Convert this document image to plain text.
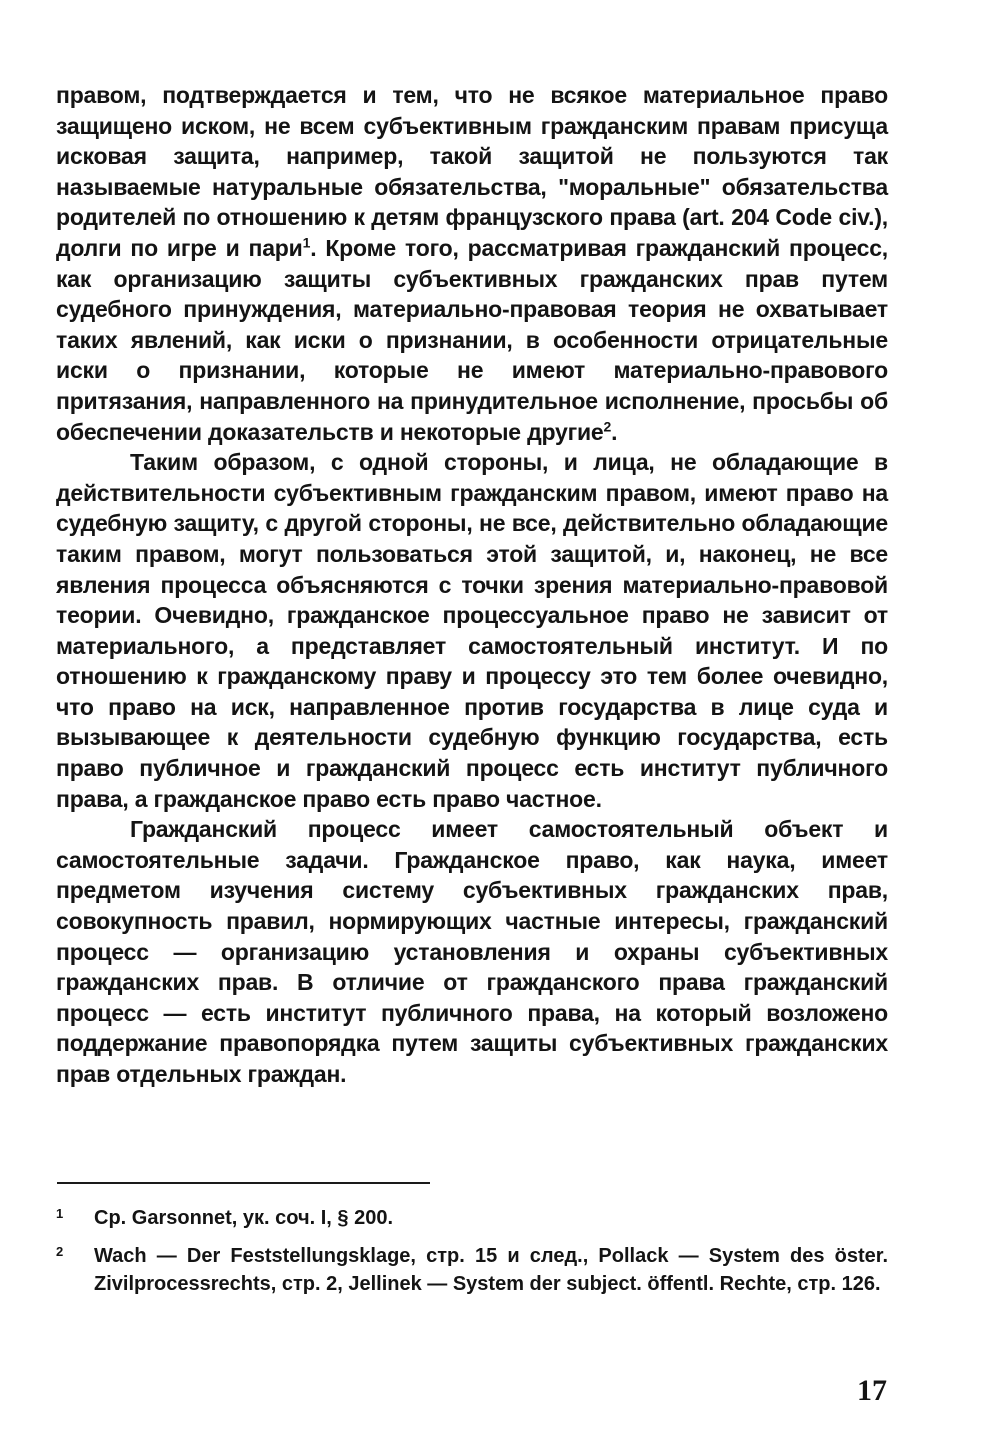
правом, подтверждается и тем, что не всякое материальное право защищено иском, не всем субъективным гражданским правам присуща исковая защита, например, такой защитой не пользуются так называемые натуральные обязательства, "моральные" обязательства родителей по отношению к детям французского права (art. 204 Code civ.), долги по игре и пари$^1$. Кроме того, рассматривая гражданский процесс, как организацию защиты субъективных гражданских прав путем судебного принуждения, материально-правовая теория не охватывает таких явлений, как иски о признании, в особенности отрицательные иски о признании, которые не имеют материально-правового притязания, направленного на принудительное исполнение, просьбы об обеспечении доказательств и некоторые другие$^2$.

Таким образом, с одной стороны, и лица, не обладающие в действительности субъективным гражданским правом, имеют право на судебную защиту, с другой стороны, не все, действительно обладающие таким правом, могут пользоваться этой защитой, и, наконец, не все явления процесса объясняются с точки зрения материально-правовой теории. Очевидно, гражданское процессуальное право не зависит от материального, а представляет самостоятельный институт. И по отношению к гражданскому праву и процессу это тем более очевидно, что право на иск, направленное против государства в лице суда и вызывающее к деятельности судебную функцию государства, есть право публичное и гражданский процесс есть институт публичного права, а гражданское право есть право частное.

Гражданский процесс имеет самостоятельный объект и самостоятельные задачи. Гражданское право, как наука, имеет предметом изучения систему субъективных гражданских прав, совокупность правил, нормирующих частные интересы, гражданский процесс — организацию установления и охраны субъективных гражданских прав. В отличие от гражданского права гражданский процесс — есть институт публичного права, на который возложено поддержание правопорядка путем защиты субъективных гражданских прав отдельных граждан.

1	Ср. Garsonnet, ук. соч. I, § 200.
2	Wach — Der Feststellungsklage, стр. 15 и след., Pollack — System des öster. Zivilprocessrechts, стр. 2, Jellinek — System der subject. öffentl. Rechte, стр. 126.
17
